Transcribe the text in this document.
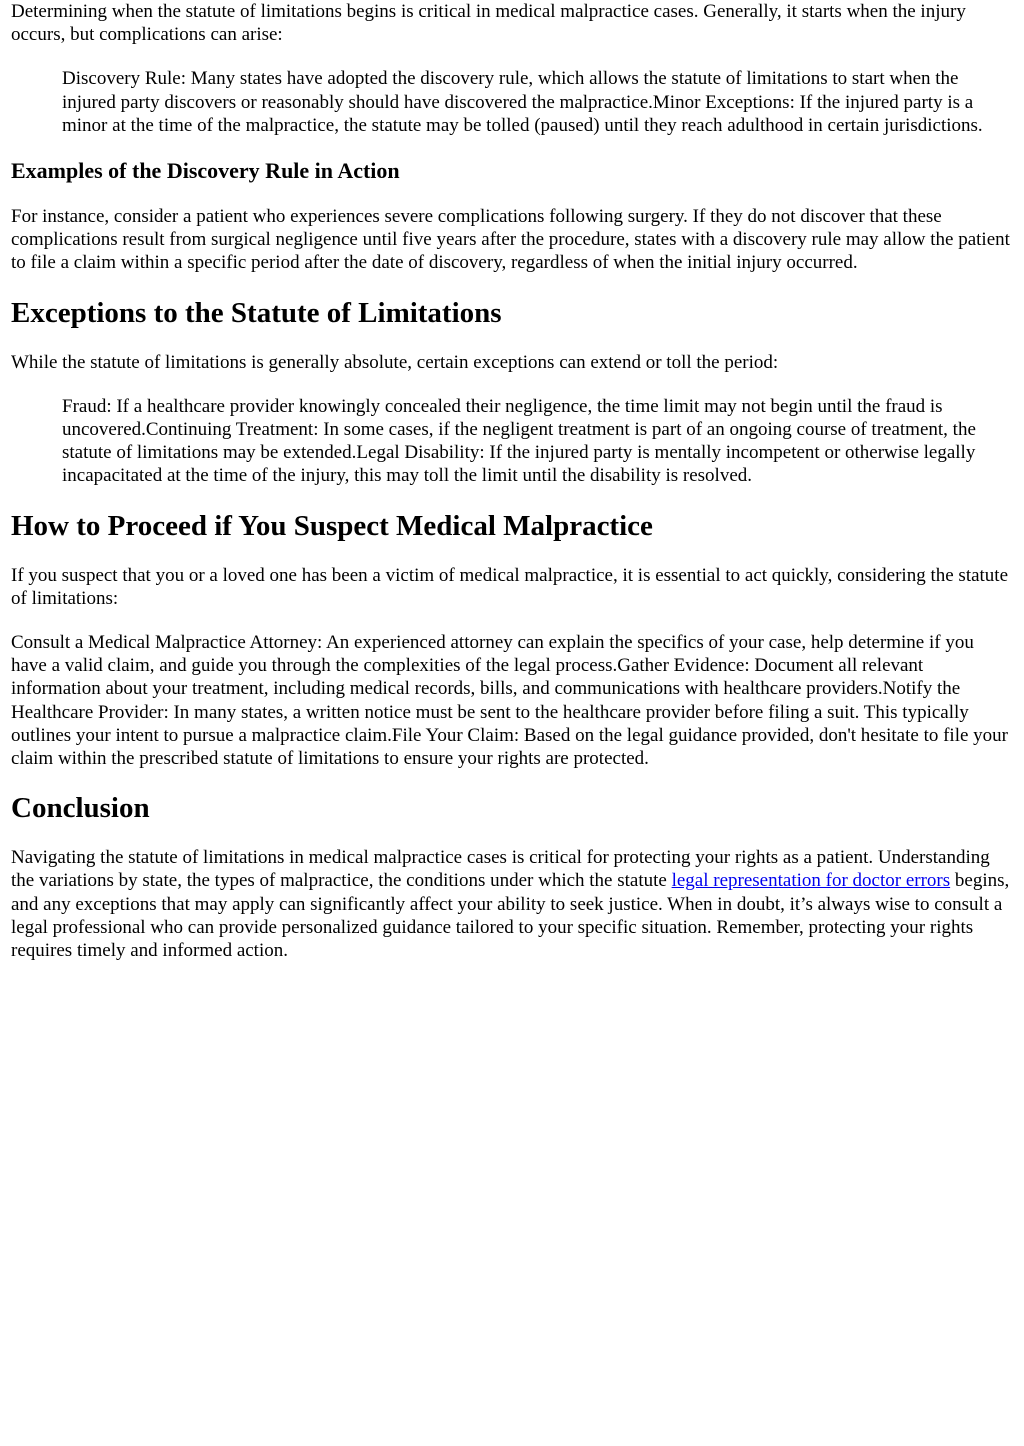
Determining when the statute of limitations begins is critical in medical malpractice cases. Generally, it starts when the injury occurs, but complications can arise:

Discovery Rule: Many states have adopted the discovery rule, which allows the statute of limitations to start when the injured party discovers or reasonably should have discovered the malpractice.Minor Exceptions: If the injured party is a minor at the time of the malpractice, the statute may be tolled (paused) until they reach adulthood in certain jurisdictions.
Examples of the Discovery Rule in Action

For instance, consider a patient who experiences severe complications following surgery. If they do not discover that these complications result from surgical negligence until five years after the procedure, states with a discovery rule may allow the patient to file a claim within a specific period after the date of discovery, regardless of when the initial injury occurred.

Exceptions to the Statute of Limitations

While the statute of limitations is generally absolute, certain exceptions can extend or toll the period:

Fraud: If a healthcare provider knowingly concealed their negligence, the time limit may not begin until the fraud is uncovered.Continuing Treatment: In some cases, if the negligent treatment is part of an ongoing course of treatment, the statute of limitations may be extended.Legal Disability: If the injured party is mentally incompetent or otherwise legally incapacitated at the time of the injury, this may toll the limit until the disability is resolved.
How to Proceed if You Suspect Medical Malpractice

If you suspect that you or a loved one has been a victim of medical malpractice, it is essential to act quickly, considering the statute of limitations:

Consult a Medical Malpractice Attorney: An experienced attorney can explain the specifics of your case, help determine if you have a valid claim, and guide you through the complexities of the legal process.Gather Evidence: Document all relevant information about your treatment, including medical records, bills, and communications with healthcare providers.Notify the Healthcare Provider: In many states, a written notice must be sent to the healthcare provider before filing a suit. This typically outlines your intent to pursue a malpractice claim.File Your Claim: Based on the legal guidance provided, don't hesitate to file your claim within the prescribed statute of limitations to ensure your rights are protected.

Conclusion

Navigating the statute of limitations in medical malpractice cases is critical for protecting your rights as a patient. Understanding the variations by state, the types of malpractice, the conditions under which the statute legal representation for doctor errors begins, and any exceptions that may apply can significantly affect your ability to seek justice. When in doubt, it’s always wise to consult a legal professional who can provide personalized guidance tailored to your specific situation. Remember, protecting your rights requires timely and informed action.
